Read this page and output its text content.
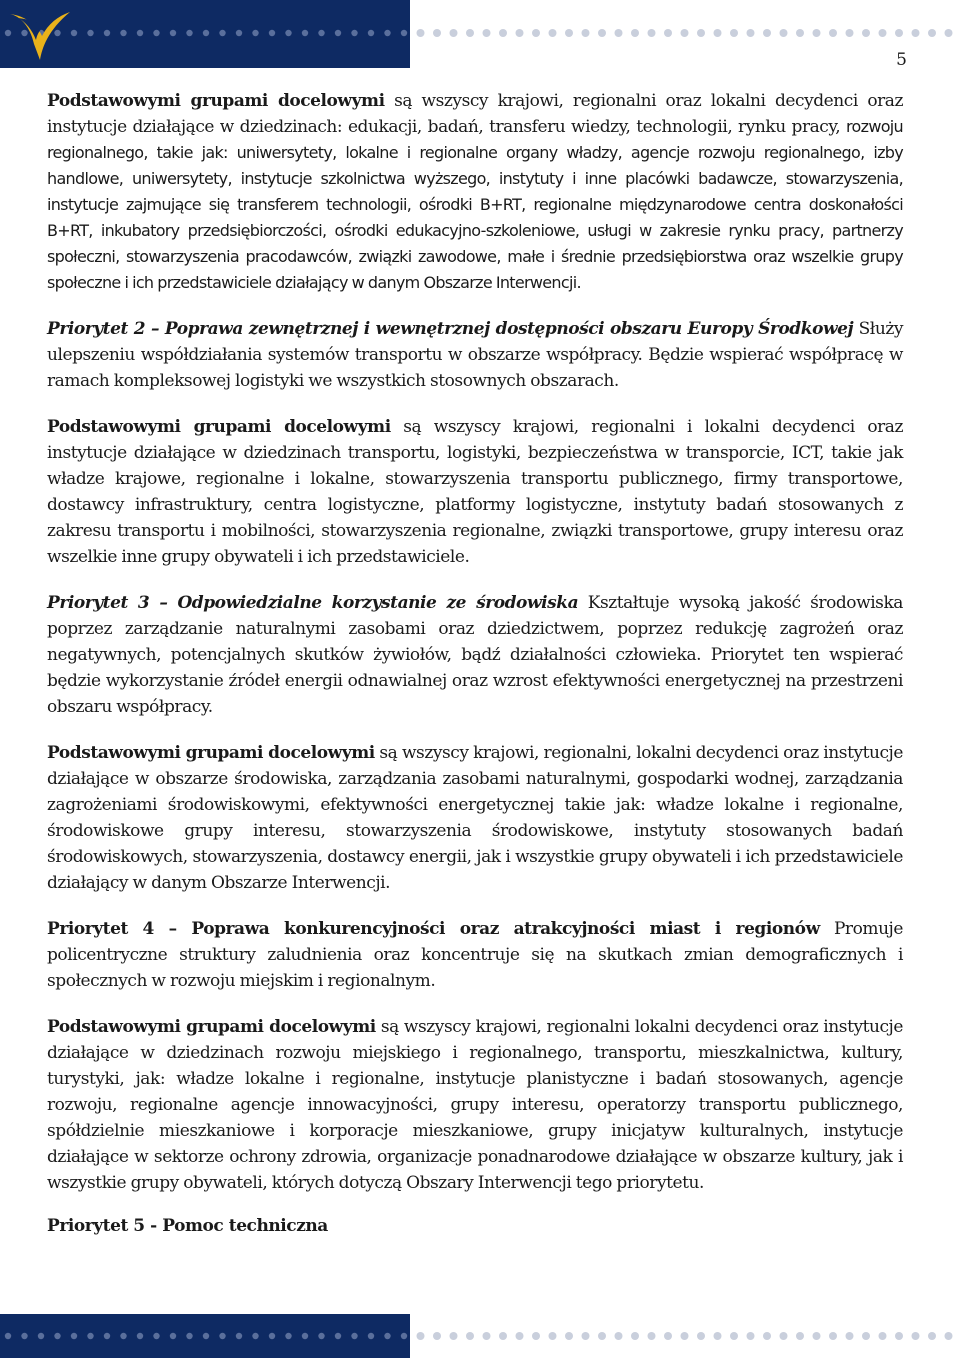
5

Podstawowymi grupami docelowymi są wszyscy krajowi, regionalni oraz lokalni decydenci oraz instytucje działające w dziedzinach: edukacji, badań, transferu wiedzy, technologii, rynku pracy, rozwoju regionalnego, takie jak: uniwersytety, lokalne i regionalne organy władzy, agencje rozwoju regionalnego, izby handlowe, uniwersytety, instytucje szkolnictwa wyższego, instytuty i inne placówki badawcze, stowarzyszenia, instytucje zajmujące się transferem technologii, ośrodki B+RT, regionalne międzynarodowe centra doskonałości B+RT, inkubatory przedsiębiorczości, ośrodki edukacyjno-szkoleniowe, usługi w zakresie rynku pracy, partnerzy społeczni, stowarzyszenia pracodawców, związki zawodowe, małe i średnie przedsiębiorstwa oraz wszelkie grupy społeczne i ich przedstawiciele działający w danym Obszarze Interwencji.

Priorytet 2 – Poprawa zewnętrznej i wewnętrznej dostępności obszaru Europy Środkowej Służy ulepszeniu współdziałania systemów transportu w obszarze współpracy. Będzie wspierać współpracę w ramach kompleksowej logistyki we wszystkich stosownych obszarach.

Podstawowymi grupami docelowymi są wszyscy krajowi, regionalni i lokalni decydenci oraz instytucje działające w dziedzinach transportu, logistyki, bezpieczeństwa w transporcie, ICT, takie jak władze krajowe, regionalne i lokalne, stowarzyszenia transportu publicznego, firmy transportowe, dostawcy infrastruktury, centra logistyczne, platformy logistyczne, instytuty badań stosowanych z zakresu transportu i mobilności, stowarzyszenia regionalne, związki transportowe, grupy interesu oraz wszelkie inne grupy obywateli i ich przedstawiciele.

Priorytet 3 – Odpowiedzialne korzystanie ze środowiska Kształtuje wysoką jakość środowiska poprzez zarządzanie naturalnymi zasobami oraz dziedzictwem, poprzez redukcję zagrożeń oraz negatywnych, potencjalnych skutków żywiołów, bądź działalności człowieka. Priorytet ten wspierać będzie wykorzystanie źródeł energii odnawialnej oraz wzrost efektywności energetycznej na przestrzeni obszaru współpracy.

Podstawowymi grupami docelowymi są wszyscy krajowi, regionalni, lokalni decydenci oraz instytucje działające w obszarze środowiska, zarządzania zasobami naturalnymi, gospodarki wodnej, zarządzania zagrożeniami środowiskowymi, efektywności energetycznej takie jak: władze lokalne i regionalne, środowiskowe grupy interesu, stowarzyszenia środowiskowe, instytuty stosowanych badań środowiskowych, stowarzyszenia, dostawcy energii, jak i wszystkie grupy obywateli i ich przedstawiciele działający w danym Obszarze Interwencji.

Priorytet 4 – Poprawa konkurencyjności oraz atrakcyjności miast i regionów Promuje policentryczne struktury zaludnienia oraz koncentruje się na skutkach zmian demograficznych i społecznych w rozwoju miejskim i regionalnym.

Podstawowymi grupami docelowymi są wszyscy krajowi, regionalni lokalni decydenci oraz instytucje działające w dziedzinach rozwoju miejskiego i regionalnego, transportu, mieszkalnictwa, kultury, turystyki, jak: władze lokalne i regionalne, instytucje planistyczne i badań stosowanych, agencje rozwoju, regionalne agencje innowacyjności, grupy interesu, operatorzy transportu publicznego, spółdzielnie mieszkaniowe i korporacje mieszkaniowe, grupy inicjatyw kulturalnych, instytucje działające w sektorze ochrony zdrowia, organizacje ponadnarodowe działające w obszarze kultury, jak i wszystkie grupy obywateli, których dotyczą Obszary Interwencji tego priorytetu.

Priorytet 5 - Pomoc techniczna
